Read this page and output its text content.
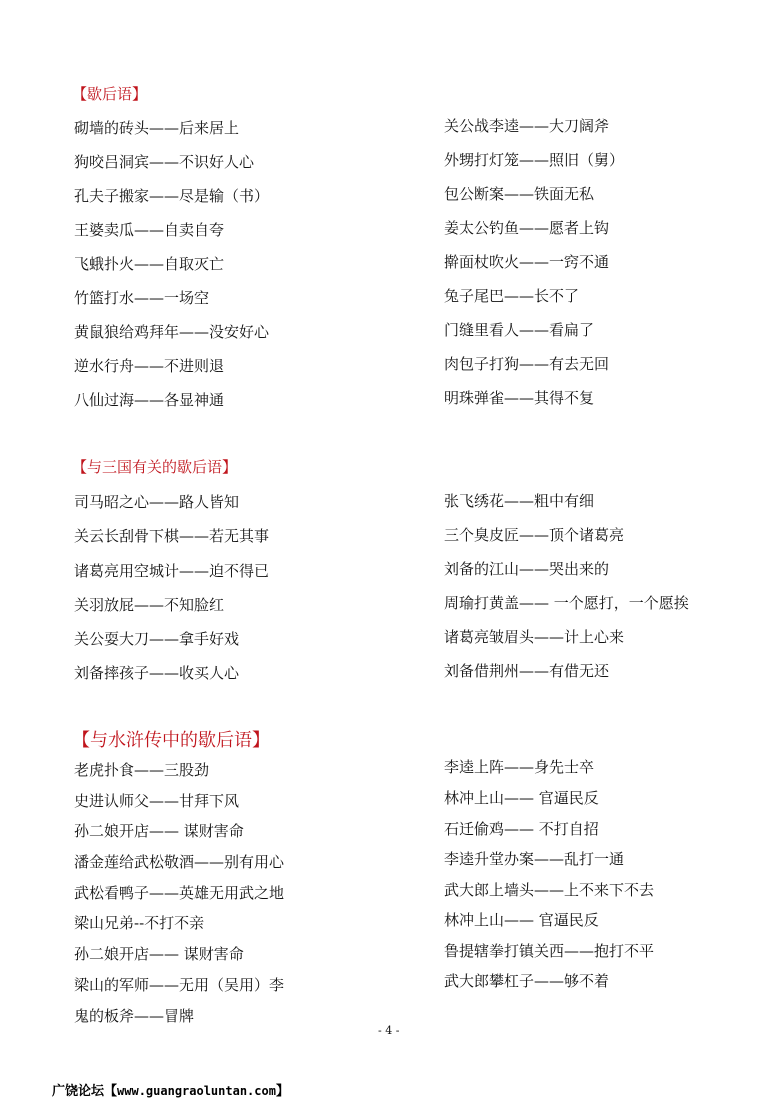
【歇后语】
砌墙的砖头——后来居上
狗咬吕洞宾——不识好人心
孔夫子搬家——尽是输（书）
王婆卖瓜——自卖自夸
飞蛾扑火——自取灭亡
竹篮打水——一场空
黄鼠狼给鸡拜年——没安好心
逆水行舟——不进则退
八仙过海——各显神通
关公战李逵——大刀阔斧
外甥打灯笼——照旧（舅）
包公断案——铁面无私
姜太公钓鱼——愿者上钩
擀面杖吹火——一窍不通
兔子尾巴——长不了
门缝里看人——看扁了
肉包子打狗——有去无回
明珠弹雀——其得不复
【与三国有关的歇后语】
司马昭之心——路人皆知
关云长刮骨下棋——若无其事
诸葛亮用空城计——迫不得已
关羽放屁——不知脸红
关公耍大刀——拿手好戏
刘备摔孩子——收买人心
张飞绣花——粗中有细
三个臭皮匠——顶个诸葛亮
刘备的江山——哭出来的
周瑜打黄盖—— 一个愿打，一个愿挨
诸葛亮皱眉头——计上心来
刘备借荆州——有借无还
【与水浒传中的歇后语】
老虎扑食——三股劲
史进认师父——甘拜下风
孙二娘开店—— 谋财害命
潘金莲给武松敬酒——别有用心
武松看鸭子——英雄无用武之地
梁山兄弟--不打不亲
孙二娘开店—— 谋财害命
梁山的军师——无用（吴用）李
鬼的板斧——冒牌
李逵上阵——身先士卒
林冲上山—— 官逼民反
石迁偷鸡—— 不打自招
李逵升堂办案——乱打一通
武大郎上墙头——上不来下不去
林冲上山—— 官逼民反
鲁提辖拳打镇关西——抱打不平
武大郎攀杠子——够不着
- 4 -
广饶论坛【www.guangraoluntan.com】
